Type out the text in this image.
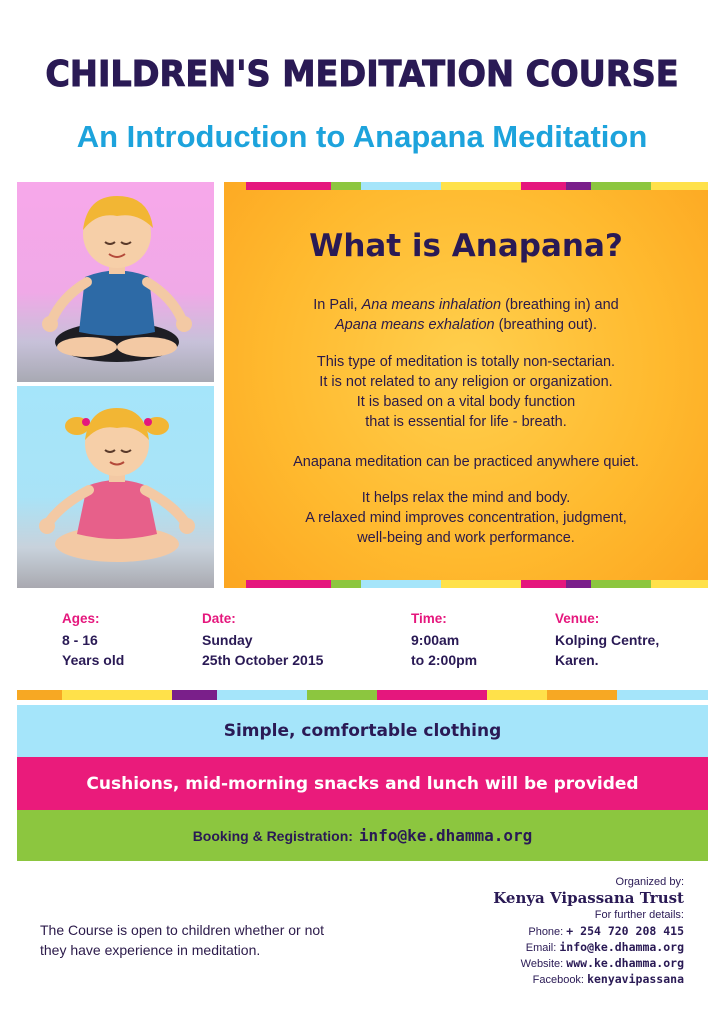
CHILDREN'S MEDITATION COURSE
An Introduction to Anapana Meditation
What is Anapana?
In Pali, Ana means inhalation (breathing in) and
Apana means exhalation (breathing out).
This type of meditation is totally non-sectarian.
It is not related to any religion or organization.
It is based on a vital body function
that is essential for life - breath.
Anapana meditation can be practiced anywhere quiet.
It helps relax the mind and body.
A relaxed mind improves concentration, judgment,
well-being and work performance.
Ages:
8 - 16
Years old
Date:
Sunday
25th October 2015
Time:
9:00am
to 2:00pm
Venue:
Kolping Centre,
Karen.
Simple, comfortable clothing
Cushions, mid-morning snacks and lunch will be provided
Booking & Registration: info@ke.dhamma.org
The Course is open to children whether or not
they have experience in meditation.
Organized by:
Kenya Vipassana Trust
For further details:
Phone: + 254 720 208 415
Email: info@ke.dhamma.org
Website: www.ke.dhamma.org
Facebook: kenyavipassana
